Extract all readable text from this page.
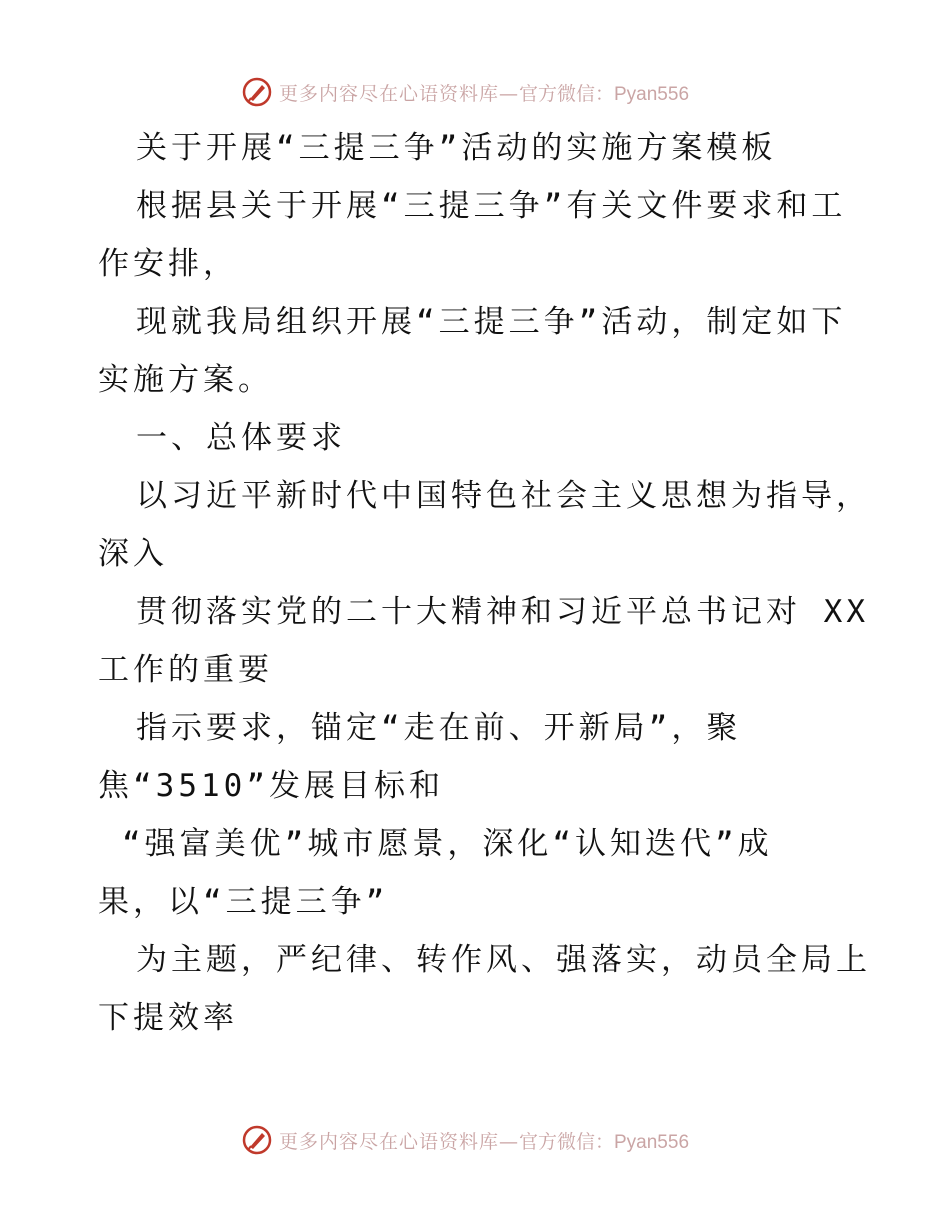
更多内容尽在心语资料库—官方微信：Pyan556
关于开展“三提三争”活动的实施方案模板
根据县关于开展“三提三争”有关文件要求和工
作安排，
现就我局组织开展“三提三争”活动，制定如下
实施方案。
一、总体要求
以习近平新时代中国特色社会主义思想为指导，
深入
贯彻落实党的二十大精神和习近平总书记对 XX
工作的重要
指示要求，锚定“走在前、开新局”，聚
焦“3510”发展目标和
“强富美优”城市愿景，深化“认知迭代”成
果，以“三提三争”
为主题，严纪律、转作风、强落实，动员全局上
下提效率
更多内容尽在心语资料库—官方微信：Pyan556
